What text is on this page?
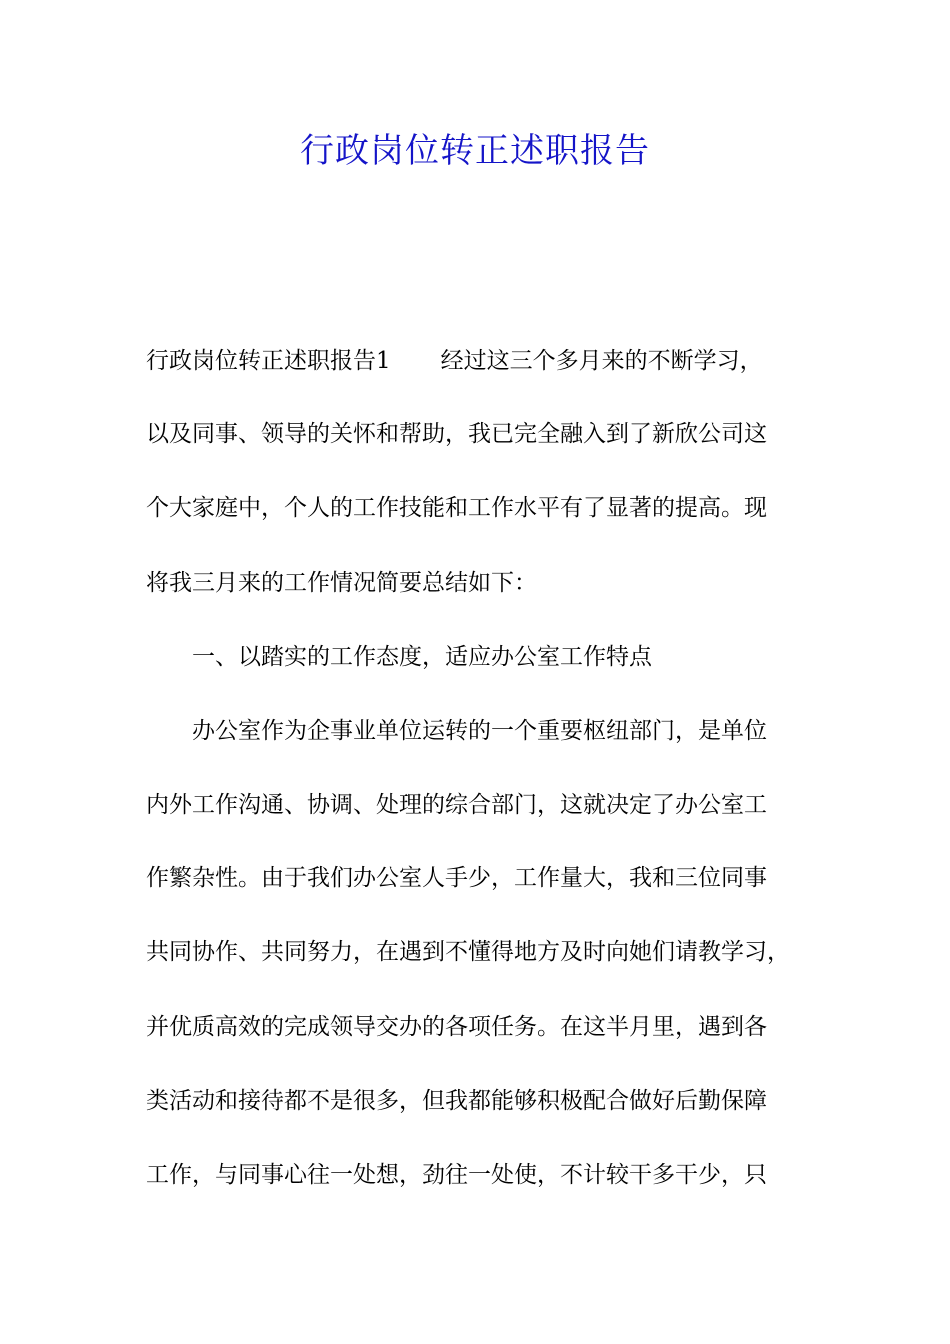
行政岗位转正述职报告

行政岗位转正述职报告1 经过这三个多月来的不断学习，

以及同事、领导的关怀和帮助，我已完全融入到了新欣公司这

个大家庭中，个人的工作技能和工作水平有了显著的提高。现

将我三月来的工作情况简要总结如下：

一、以踏实的工作态度，适应办公室工作特点

办公室作为企事业单位运转的一个重要枢纽部门，是单位

内外工作沟通、协调、处理的综合部门，这就决定了办公室工

作繁杂性。由于我们办公室人手少，工作量大，我和三位同事

共同协作、共同努力，在遇到不懂得地方及时向她们请教学习，

并优质高效的完成领导交办的各项任务。在这半月里，遇到各

类活动和接待都不是很多，但我都能够积极配合做好后勤保障

工作，与同事心往一处想，劲往一处使，不计较干多干少，只
